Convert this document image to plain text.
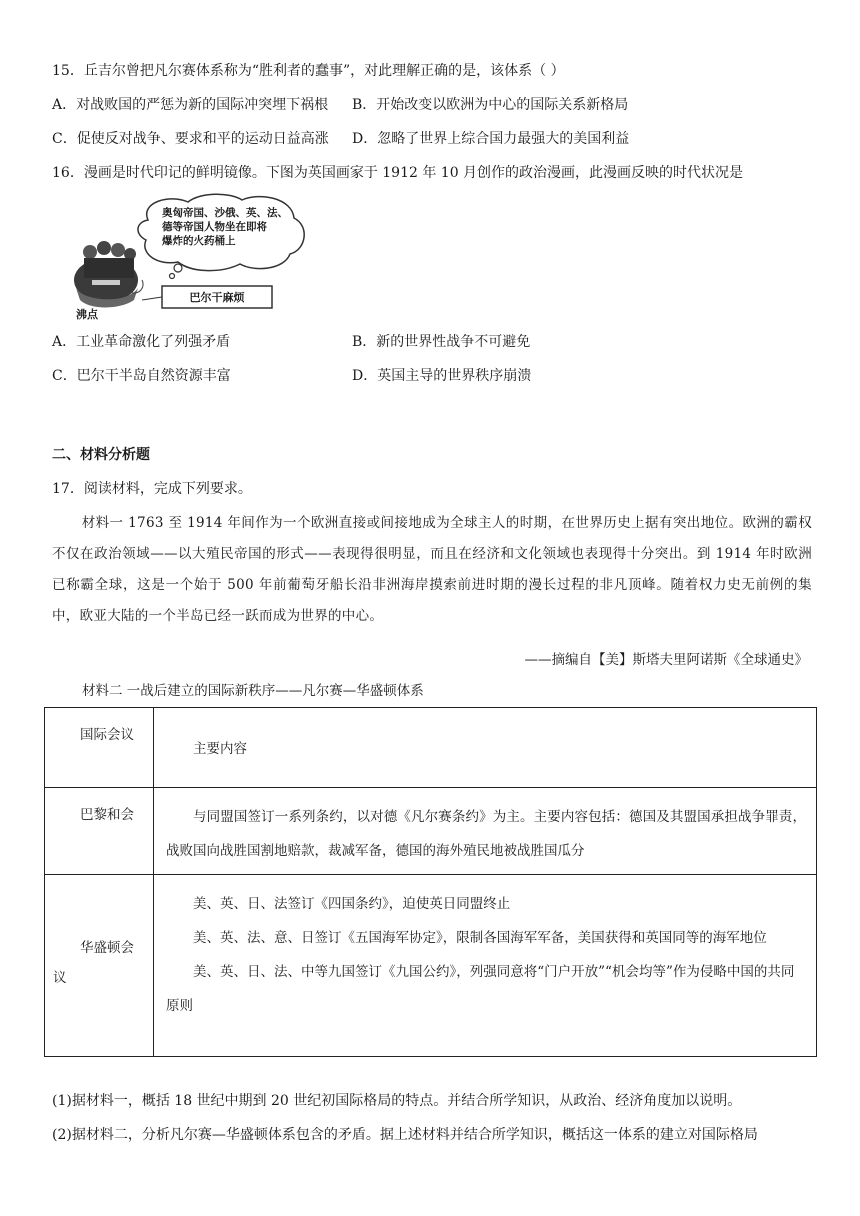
15．丘吉尔曾把凡尔赛体系称为“胜利者的蠢事”，对此理解正确的是，该体系（ ）
A．对战败国的严惩为新的国际冲突埋下祸根 B．开始改变以欧洲为中心的国际关系新格局
C．促使反对战争、要求和平的运动日益高涨 D．忽略了世界上综合国力最强大的美国利益
16．漫画是时代印记的鲜明镜像。下图为英国画家于 1912 年 10 月创作的政治漫画，此漫画反映的时代状况是
奥匈帝国、沙俄、英、法、
德等帝国人物坐在即将
爆炸的火药桶上
巴尔干麻烦
沸点
A．工业革命激化了列强矛盾	B．新的世界性战争不可避免
C．巴尔干半岛自然资源丰富	D．英国主导的世界秩序崩溃
二、材料分析题
17．阅读材料，完成下列要求。
材料一 1763 至 1914 年间作为一个欧洲直接或间接地成为全球主人的时期，在世界历史上据有突出地位。欧洲的霸权不仅在政治领域——以大殖民帝国的形式——表现得很明显，而且在经济和文化领域也表现得十分突出。到 1914 年时欧洲已称霸全球，这是一个始于 500 年前葡萄牙船长沿非洲海岸摸索前进时期的漫长过程的非凡顶峰。随着权力史无前例的集中，欧亚大陆的一个半岛已经一跃而成为世界的中心。
——摘编自【美】斯塔夫里阿诺斯《全球通史》
材料二 一战后建立的国际新秩序——凡尔赛—华盛顿体系
国际会议	主要内容

巴黎和会	与同盟国签订一系列条约，以对德《凡尔赛条约》为主。主要内容包括：德国及其盟国承担战争罪责，战败国向战胜国割地赔款，裁减军备，德国的海外殖民地被战胜国瓜分

华盛顿会议	美、英、日、法签订《四国条约》，迫使英日同盟终止
美、英、法、意、日签订《五国海军协定》，限制各国海军军备，美国获得和英国同等的海军地位
美、英、日、法、中等九国签订《九国公约》，列强同意将“门户开放”“机会均等”作为侵略中国的共同原则
(1)据材料一，概括 18 世纪中期到 20 世纪初国际格局的特点。并结合所学知识，从政治、经济角度加以说明。
(2)据材料二，分析凡尔赛—华盛顿体系包含的矛盾。据上述材料并结合所学知识，概括这一体系的建立对国际格局
